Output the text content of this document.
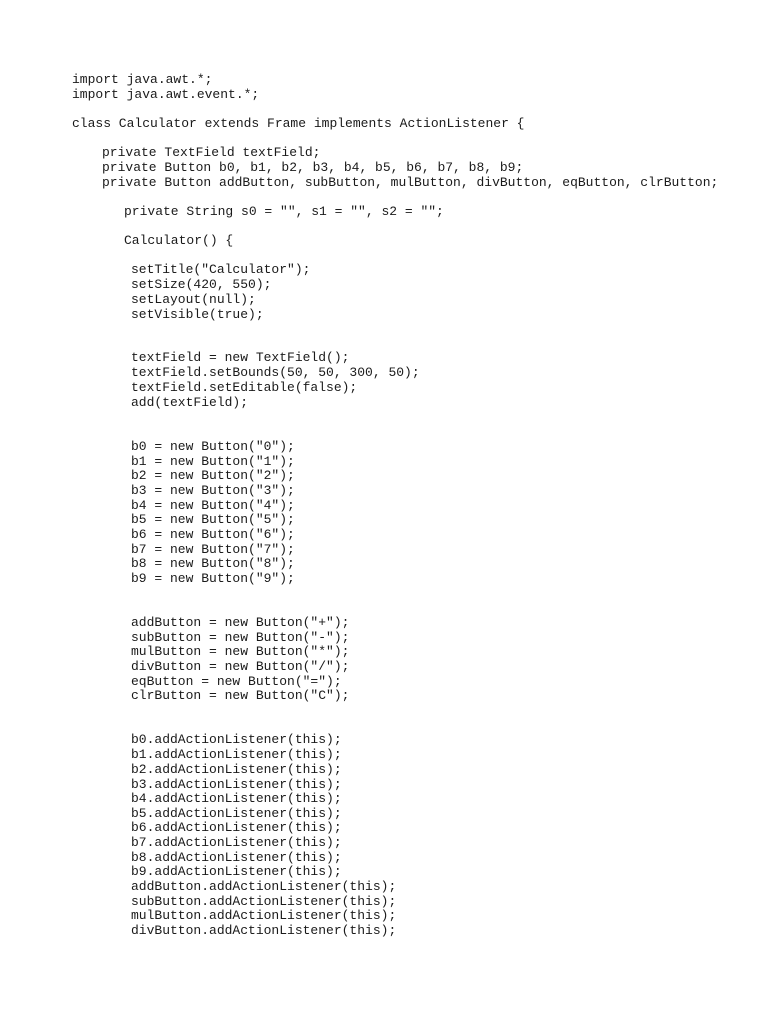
import java.awt.*;
import java.awt.event.*;
class Calculator extends Frame implements ActionListener {
private TextField textField;
private Button b0, b1, b2, b3, b4, b5, b6, b7, b8, b9;
private Button addButton, subButton, mulButton, divButton, eqButton, clrButton;
private String s0 = "", s1 = "", s2 = "";
Calculator() {
setTitle("Calculator");
setSize(420, 550);
setLayout(null);
setVisible(true);
textField = new TextField();
textField.setBounds(50, 50, 300, 50);
textField.setEditable(false);
add(textField);
b0 = new Button("0");
b1 = new Button("1");
b2 = new Button("2");
b3 = new Button("3");
b4 = new Button("4");
b5 = new Button("5");
b6 = new Button("6");
b7 = new Button("7");
b8 = new Button("8");
b9 = new Button("9");
addButton = new Button("+");
subButton = new Button("-");
mulButton = new Button("*");
divButton = new Button("/");
eqButton = new Button("=");
clrButton = new Button("C");
b0.addActionListener(this);
b1.addActionListener(this);
b2.addActionListener(this);
b3.addActionListener(this);
b4.addActionListener(this);
b5.addActionListener(this);
b6.addActionListener(this);
b7.addActionListener(this);
b8.addActionListener(this);
b9.addActionListener(this);
addButton.addActionListener(this);
subButton.addActionListener(this);
mulButton.addActionListener(this);
divButton.addActionListener(this);
